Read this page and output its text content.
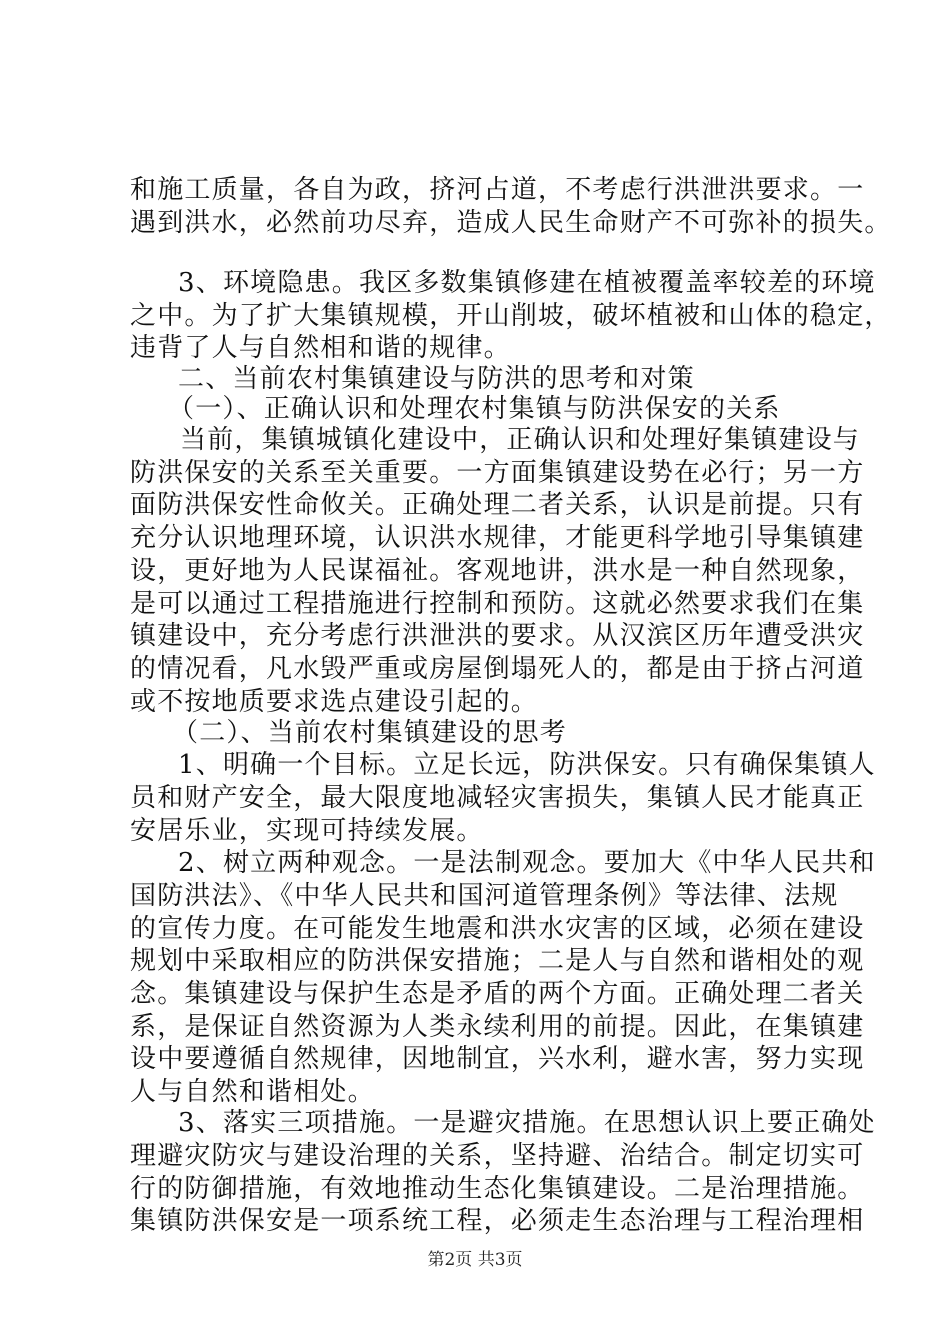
和施工质量，各自为政，挤河占道，不考虑行洪泄洪要求。一
遇到洪水，必然前功尽弃，造成人民生命财产不可弥补的损失。
3、环境隐患。我区多数集镇修建在植被覆盖率较差的环境
之中。为了扩大集镇规模，开山削坡，破坏植被和山体的稳定，
违背了人与自然相和谐的规律。
二、当前农村集镇建设与防洪的思考和对策
（一）、正确认识和处理农村集镇与防洪保安的关系
当前，集镇城镇化建设中，正确认识和处理好集镇建设与
防洪保安的关系至关重要。一方面集镇建设势在必行；另一方
面防洪保安性命攸关。正确处理二者关系，认识是前提。只有
充分认识地理环境，认识洪水规律，才能更科学地引导集镇建
设，更好地为人民谋福祉。客观地讲，洪水是一种自然现象，
是可以通过工程措施进行控制和预防。这就必然要求我们在集
镇建设中，充分考虑行洪泄洪的要求。从汉滨区历年遭受洪灾
的情况看，凡水毁严重或房屋倒塌死人的，都是由于挤占河道
或不按地质要求选点建设引起的。
（二）、当前农村集镇建设的思考
1、明确一个目标。立足长远，防洪保安。只有确保集镇人
员和财产安全，最大限度地减轻灾害损失，集镇人民才能真正
安居乐业，实现可持续发展。
2、树立两种观念。一是法制观念。要加大《中华人民共和
国防洪法》、《中华人民共和国河道管理条例》等法律、法规
的宣传力度。在可能发生地震和洪水灾害的区域，必须在建设
规划中采取相应的防洪保安措施；二是人与自然和谐相处的观
念。集镇建设与保护生态是矛盾的两个方面。正确处理二者关
系，是保证自然资源为人类永续利用的前提。因此，在集镇建
设中要遵循自然规律，因地制宜，兴水利，避水害，努力实现
人与自然和谐相处。
3、落实三项措施。一是避灾措施。在思想认识上要正确处
理避灾防灾与建设治理的关系，坚持避、治结合。制定切实可
行的防御措施，有效地推动生态化集镇建设。二是治理措施。
集镇防洪保安是一项系统工程，必须走生态治理与工程治理相
第2页 共3页
